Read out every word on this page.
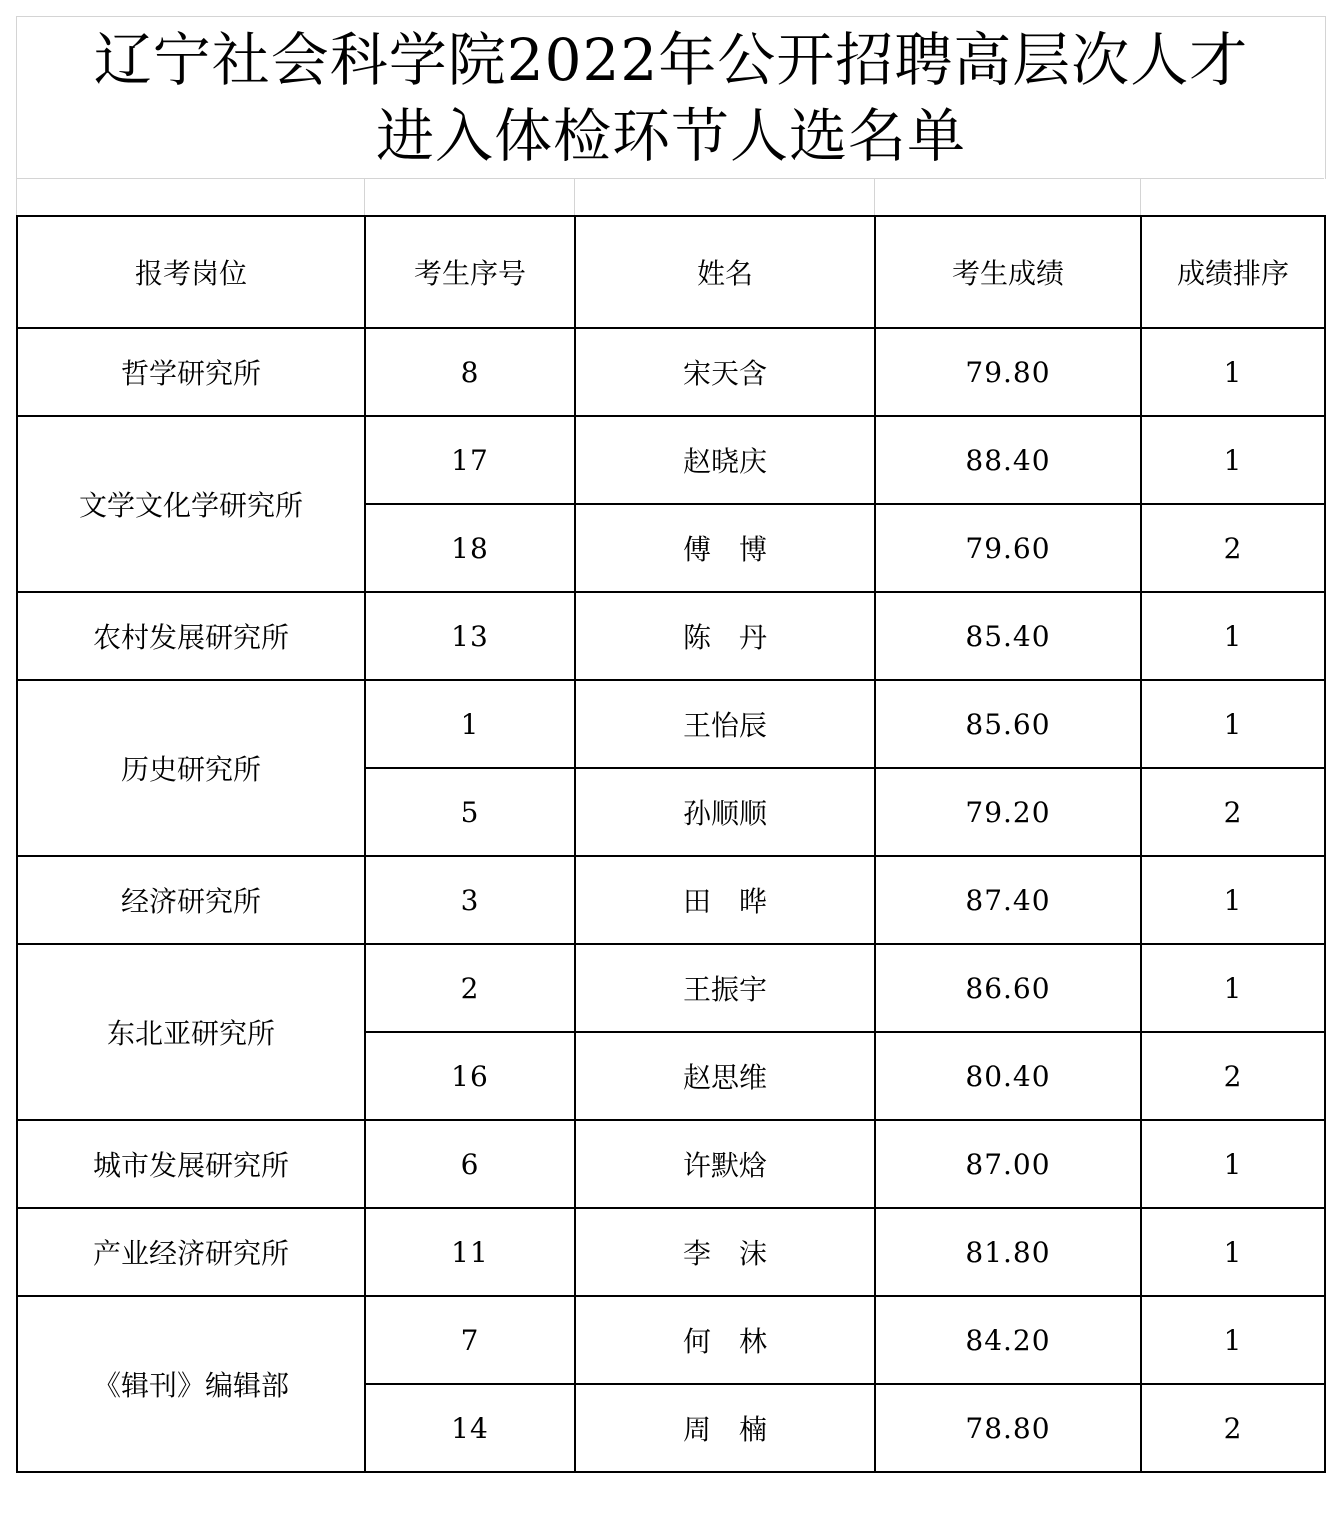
辽宁社会科学院2022年公开招聘高层次人才
进入体检环节人选名单
报考岗位	考生序号	姓名	考生成绩	成绩排序
哲学研究所	8	宋天含	79.80	1
文学文化学研究所	17	赵晓庆	88.40	1
	18	傅　博	79.60	2
农村发展研究所	13	陈　丹	85.40	1
历史研究所	1	王怡辰	85.60	1
	5	孙顺顺	79.20	2
经济研究所	3	田　晔	87.40	1
东北亚研究所	2	王振宇	86.60	1
	16	赵思维	80.40	2
城市发展研究所	6	许默焓	87.00	1
产业经济研究所	11	李　沫	81.80	1
《辑刊》编辑部	7	何　林	84.20	1
	14	周　楠	78.80	2
